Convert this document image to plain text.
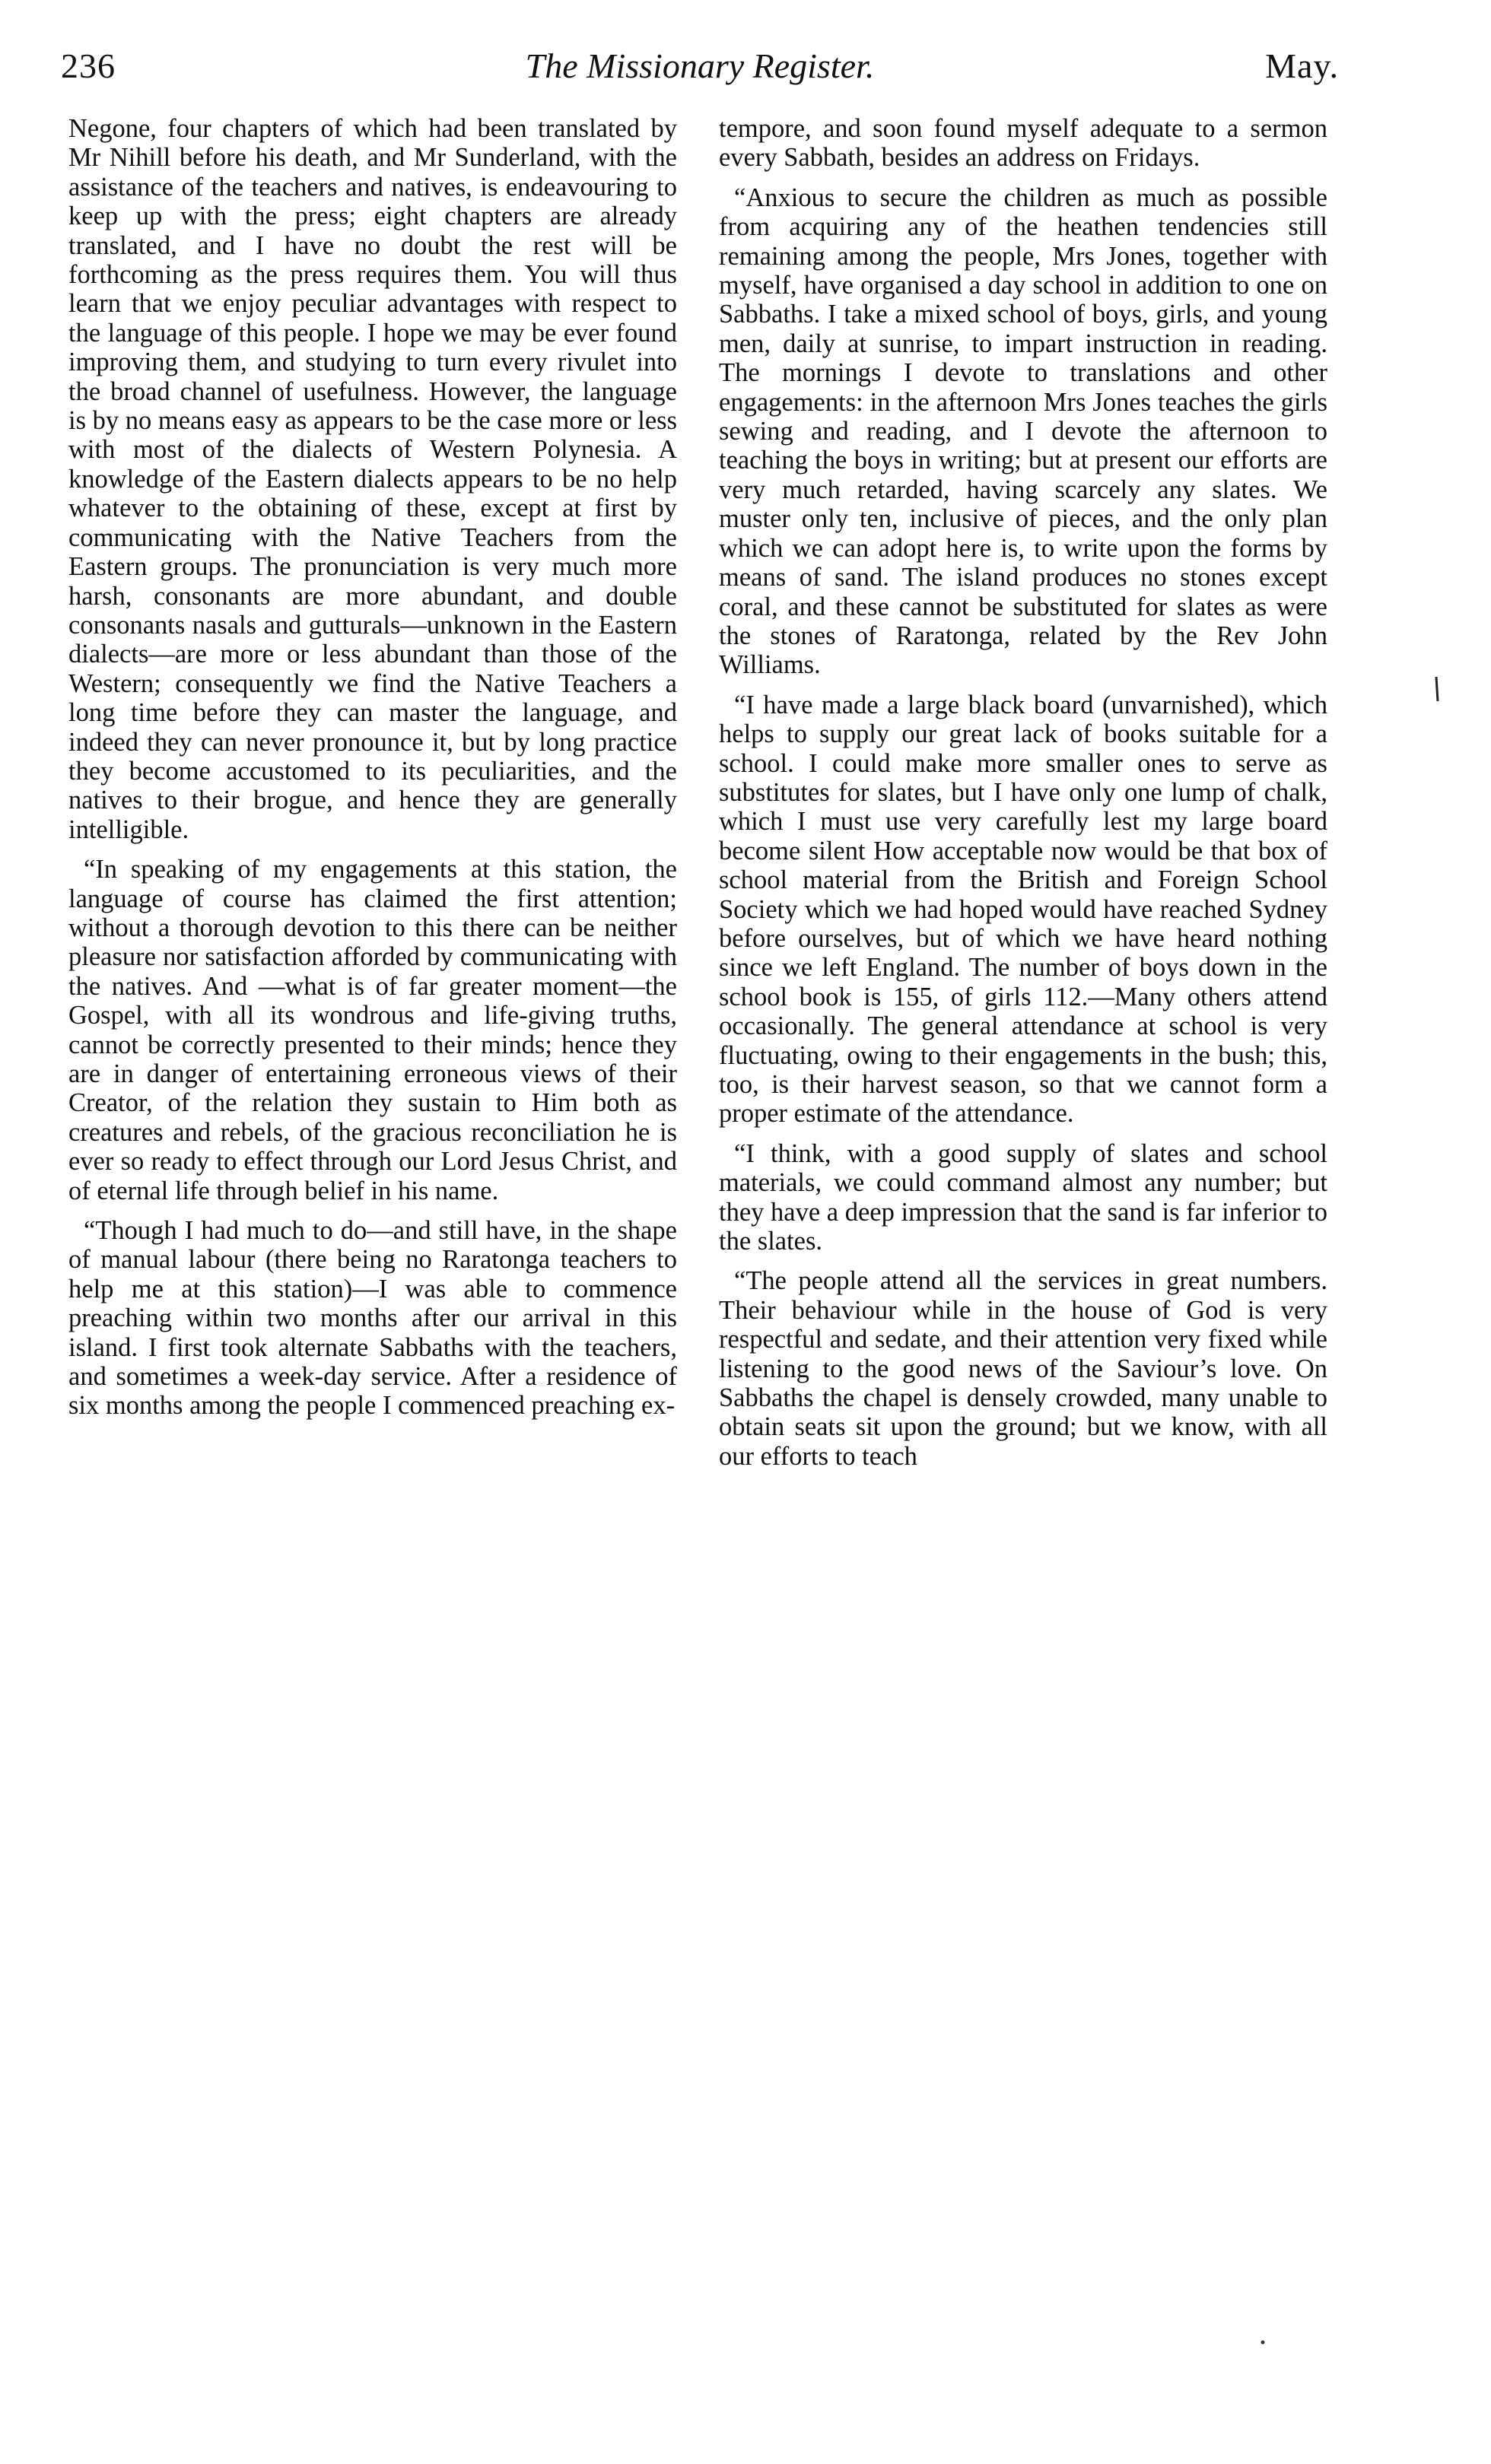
236	The Missionary Register.	May.

Negone, four chapters of which had been translated by Mr Nihill before his death, and Mr Sunderland, with the assistance of the teachers and natives, is endeavouring to keep up with the press; eight chapters are already translated, and I have no doubt the rest will be forthcoming as the press requires them. You will thus learn that we enjoy peculiar advantages with respect to the language of this people. I hope we may be ever found improving them, and studying to turn every rivulet into the broad channel of usefulness. However, the language is by no means easy as appears to be the case more or less with most of the dialects of Western Polynesia. A knowledge of the Eastern dialects appears to be no help whatever to the obtaining of these, except at first by communicating with the Native Teachers from the Eastern groups. The pronunciation is very much more harsh, consonants are more abundant, and double consonants nasals and gutturals—unknown in the Eastern dialects—are more or less abundant than those of the Western; consequently we find the Native Teachers a long time before they can master the language, and indeed they can never pronounce it, but by long practice they become accustomed to its peculiarities, and the natives to their brogue, and hence they are generally intelligible.

“In speaking of my engagements at this station, the language of course has claimed the first attention; without a thorough devotion to this there can be neither pleasure nor satisfaction afforded by communicating with the natives. And —what is of far greater moment—the Gospel, with all its wondrous and life-giving truths, cannot be correctly presented to their minds; hence they are in danger of entertaining erroneous views of their Creator, of the relation they sustain to Him both as creatures and rebels, of the gracious reconciliation he is ever so ready to effect through our Lord Jesus Christ, and of eternal life through belief in his name.

“Though I had much to do—and still have, in the shape of manual labour (there being no Raratonga teachers to help me at this station)—I was able to commence preaching within two months after our arrival in this island. I first took alternate Sabbaths with the teachers, and sometimes a week-day service. After a residence of six months among the people I commenced preaching ex-

tempore, and soon found myself adequate to a sermon every Sabbath, besides an address on Fridays.

“Anxious to secure the children as much as possible from acquiring any of the heathen tendencies still remaining among the people, Mrs Jones, together with myself, have organised a day school in addition to one on Sabbaths. I take a mixed school of boys, girls, and young men, daily at sunrise, to impart instruction in reading. The mornings I devote to translations and other engagements: in the afternoon Mrs Jones teaches the girls sewing and reading, and I devote the afternoon to teaching the boys in writing; but at present our efforts are very much retarded, having scarcely any slates. We muster only ten, inclusive of pieces, and the only plan which we can adopt here is, to write upon the forms by means of sand. The island produces no stones except coral, and these cannot be substituted for slates as were the stones of Raratonga, related by the Rev John Williams.

“I have made a large black board (unvarnished), which helps to supply our great lack of books suitable for a school. I could make more smaller ones to serve as substitutes for slates, but I have only one lump of chalk, which I must use very carefully lest my large board become silent How acceptable now would be that box of school material from the British and Foreign School Society which we had hoped would have reached Sydney before ourselves, but of which we have heard nothing since we left England. The number of boys down in the school book is 155, of girls 112.—Many others attend occasionally. The general attendance at school is very fluctuating, owing to their engagements in the bush; this, too, is their harvest season, so that we cannot form a proper estimate of the attendance.

“I think, with a good supply of slates and school materials, we could command almost any number; but they have a deep impression that the sand is far inferior to the slates.

“The people attend all the services in great numbers. Their behaviour while in the house of God is very respectful and sedate, and their attention very fixed while listening to the good news of the Saviour’s love. On Sabbaths the chapel is densely crowded, many unable to obtain seats sit upon the ground; but we know, with all our efforts to teach
